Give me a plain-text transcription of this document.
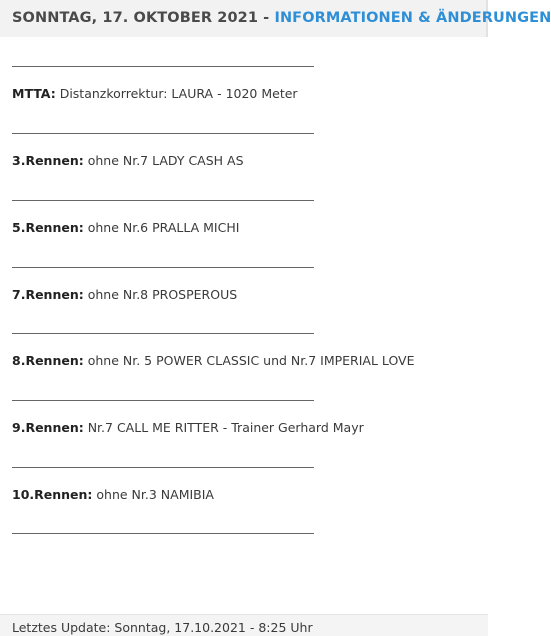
SONNTAG, 17. OKTOBER 2021 - INFORMATIONEN & ÄNDERUNGEN
MTTA: Distanzkorrektur: LAURA - 1020 Meter
3.Rennen: ohne Nr.7 LADY CASH AS
5.Rennen: ohne Nr.6 PRALLA MICHI
7.Rennen: ohne Nr.8 PROSPEROUS
8.Rennen: ohne Nr. 5 POWER CLASSIC und Nr.7 IMPERIAL LOVE
9.Rennen: Nr.7 CALL ME RITTER - Trainer Gerhard Mayr
10.Rennen: ohne Nr.3 NAMIBIA
Letztes Update: Sonntag, 17.10.2021 - 8:25 Uhr
